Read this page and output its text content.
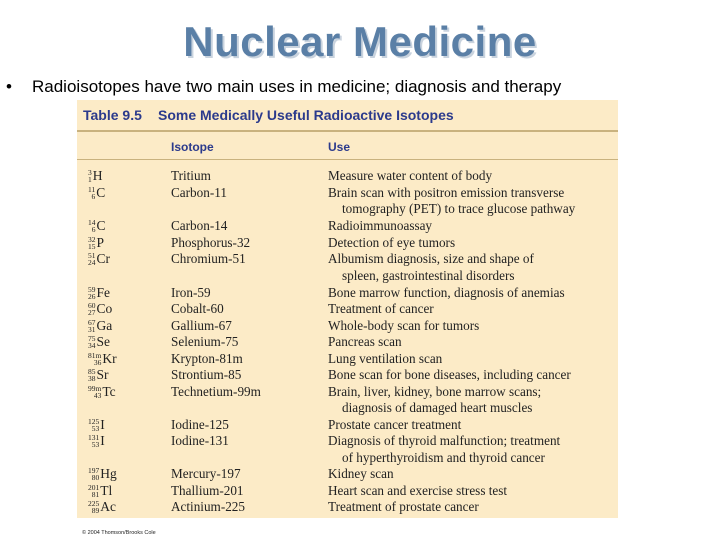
Nuclear Medicine
• Radioisotopes have two main uses in medicine; diagnosis and therapy
Table 9.5 Some Medically Useful Radioactive Isotopes
Isotope	Use
3
1 H	Tritium	Measure water content of body
11
6 C	Carbon-11	Brain scan with positron emission transverse
tomography (PET) to trace glucose pathway
14
6 C	Carbon-14	Radioimmunoassay
32
15 P	Phosphorus-32	Detection of eye tumors
51
24 Cr	Chromium-51	Albumism diagnosis, size and shape of
spleen, gastrointestinal disorders
59
26 Fe	Iron-59	Bone marrow function, diagnosis of anemias
60
27 Co	Cobalt-60	Treatment of cancer
67
31 Ga	Gallium-67	Whole-body scan for tumors
75
34 Se	Selenium-75	Pancreas scan
81m
36 Kr	Krypton-81m	Lung ventilation scan
85
38 Sr	Strontium-85	Bone scan for bone diseases, including cancer
99m
43 Tc	Technetium-99m	Brain, liver, kidney, bone marrow scans;
diagnosis of damaged heart muscles
125
53 I	Iodine-125	Prostate cancer treatment
131
53 I	Iodine-131	Diagnosis of thyroid malfunction; treatment
of hyperthyroidism and thyroid cancer
197
80 Hg	Mercury-197	Kidney scan
201
81 Tl	Thallium-201	Heart scan and exercise stress test
225
89 Ac	Actinium-225	Treatment of prostate cancer
© 2004 Thomson/Brooks Cole
